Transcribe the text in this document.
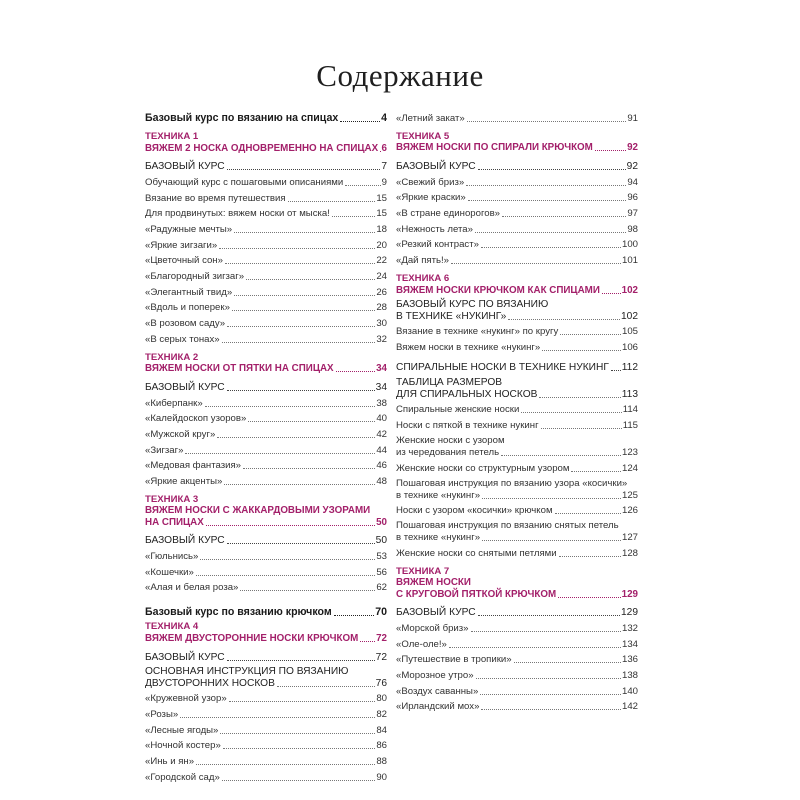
Содержание
Базовый курс по вязанию на спицах	4
ТЕХНИКА 1
ВЯЖЕМ 2 НОСКА ОДНОВРЕМЕННО НА СПИЦАХ 6
БАЗОВЫЙ КУРС	7
Обучающий курс с пошаговыми описаниями	9
Вязание во время путешествия	15
Для продвинутых: вяжем носки от мыска!	15
«Радужные мечты»	18
«Яркие зигзаги»	20
«Цветочный сон»	22
«Благородный зигзаг»	24
«Элегантный твид»	26
«Вдоль и поперек»	28
«В розовом саду»	30
«В серых тонах»	32
ТЕХНИКА 2
ВЯЖЕМ НОСКИ ОТ ПЯТКИ НА СПИЦАХ	34
БАЗОВЫЙ КУРС	34
«Киберпанк»	38
«Калейдоскоп узоров»	40
«Мужской круг»	42
«Зигзаг»	44
«Медовая фантазия»	46
«Яркие акценты»	48
ТЕХНИКА 3
ВЯЖЕМ НОСКИ С ЖАККАРДОВЫМИ УЗОРАМИ
НА СПИЦАХ	50
БАЗОВЫЙ КУРС	50
«Гюльнись»	53
«Кошечки»	56
«Алая и белая роза»	62
Базовый курс по вязанию крючком	70
ТЕХНИКА 4
ВЯЖЕМ ДВУСТОРОННИЕ НОСКИ КРЮЧКОМ 72
БАЗОВЫЙ КУРС	72
ОСНОВНАЯ ИНСТРУКЦИЯ ПО ВЯЗАНИЮ
ДВУСТОРОННИХ НОСКОВ	76
«Кружевной узор»	80
«Розы»	82
«Лесные ягоды»	84
«Ночной костер»	86
«Инь и ян»	88
«Городской сад»	90
«Летний закат»	91
ТЕХНИКА 5
ВЯЖЕМ НОСКИ ПО СПИРАЛИ КРЮЧКОМ	92
БАЗОВЫЙ КУРС	92
«Свежий бриз»	94
«Яркие краски»	96
«В стране единорогов»	97
«Нежность лета»	98
«Резкий контраст»	100
«Дай пять!»	101
ТЕХНИКА 6
ВЯЖЕМ НОСКИ КРЮЧКОМ КАК СПИЦАМИ 102
БАЗОВЫЙ КУРС ПО ВЯЗАНИЮ
В ТЕХНИКЕ «НУКИНГ»	102
Вязание в технике «нукинг» по кругу	105
Вяжем носки в технике «нукинг»	106
СПИРАЛЬНЫЕ НОСКИ В ТЕХНИКЕ НУКИНГ 112
ТАБЛИЦА РАЗМЕРОВ
ДЛЯ СПИРАЛЬНЫХ НОСКОВ	113
Спиральные женские носки	114
Носки с пяткой в технике нукинг	115
Женские носки с узором
из чередования петель	123
Женские носки со структурным узором	124
Пошаговая инструкция по вязанию узора «косички»
в технике «нукинг»	125
Носки с узором «косички» крючком	126
Пошаговая инструкция по вязанию снятых петель
в технике «нукинг»	127
Женские носки со снятыми петлями	128
ТЕХНИКА 7
ВЯЖЕМ НОСКИ
С КРУГОВОЙ ПЯТКОЙ КРЮЧКОМ	129
БАЗОВЫЙ КУРС	129
«Морской бриз»	132
«Оле-оле!»	134
«Путешествие в тропики»	136
«Морозное утро»	138
«Воздух саванны»	140
«Ирландский мох»	142
